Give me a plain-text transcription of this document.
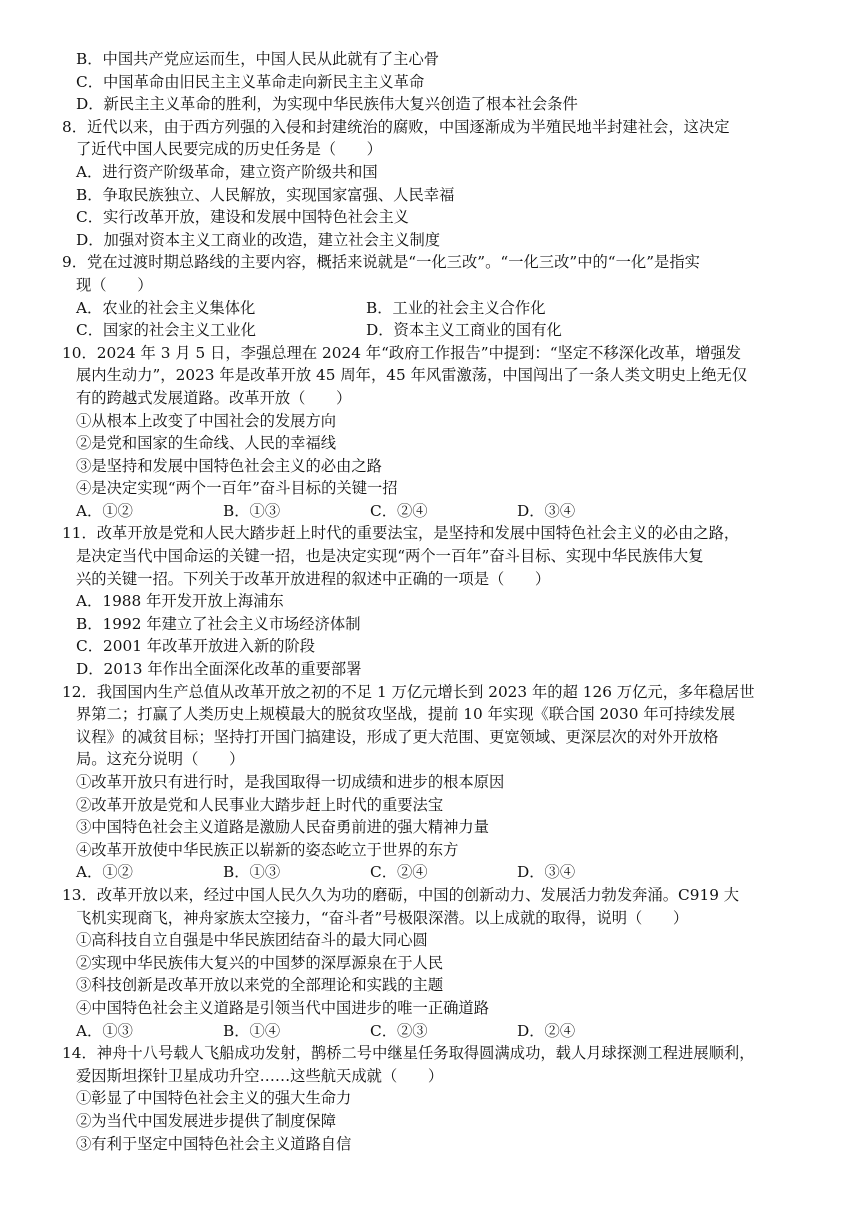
B．中国共产党应运而生，中国人民从此就有了主心骨
C．中国革命由旧民主主义革命走向新民主主义革命
D．新民主主义革命的胜利，为实现中华民族伟大复兴创造了根本社会条件
8．近代以来，由于西方列强的入侵和封建统治的腐败，中国逐渐成为半殖民地半封建社会，这决定
了近代中国人民要完成的历史任务是（　　）
A．进行资产阶级革命，建立资产阶级共和国
B．争取民族独立、人民解放，实现国家富强、人民幸福
C．实行改革开放，建设和发展中国特色社会主义
D．加强对资本主义工商业的改造，建立社会主义制度
9．党在过渡时期总路线的主要内容，概括来说就是“一化三改”。“一化三改”中的“一化”是指实
现（　　）
A．农业的社会主义集体化	B．工业的社会主义合作化
C．国家的社会主义工业化	D．资本主义工商业的国有化
10．2024 年 3 月 5 日，李强总理在 2024 年“政府工作报告”中提到：“坚定不移深化改革，增强发
展内生动力”，2023 年是改革开放 45 周年，45 年风雷激荡，中国闯出了一条人类文明史上绝无仅
有的跨越式发展道路。改革开放（　　）
①从根本上改变了中国社会的发展方向
②是党和国家的生命线、人民的幸福线
③是坚持和发展中国特色社会主义的必由之路
④是决定实现“两个一百年”奋斗目标的关键一招
A．①②	B．①③	C．②④	D．③④
11．改革开放是党和人民大踏步赶上时代的重要法宝，是坚持和发展中国特色社会主义的必由之路，
是决定当代中国命运的关键一招，也是决定实现“两个一百年”奋斗目标、实现中华民族伟大复
兴的关键一招。下列关于改革开放进程的叙述中正确的一项是（　　）
A．1988 年开发开放上海浦东
B．1992 年建立了社会主义市场经济体制
C．2001 年改革开放进入新的阶段
D．2013 年作出全面深化改革的重要部署
12．我国国内生产总值从改革开放之初的不足 1 万亿元增长到 2023 年的超 126 万亿元，多年稳居世
界第二；打赢了人类历史上规模最大的脱贫攻坚战，提前 10 年实现《联合国 2030 年可持续发展
议程》的减贫目标；坚持打开国门搞建设，形成了更大范围、更宽领域、更深层次的对外开放格
局。这充分说明（　　）
①改革开放只有进行时，是我国取得一切成绩和进步的根本原因
②改革开放是党和人民事业大踏步赶上时代的重要法宝
③中国特色社会主义道路是激励人民奋勇前进的强大精神力量
④改革开放使中华民族正以崭新的姿态屹立于世界的东方
A．①②	B．①③	C．②④	D．③④
13．改革开放以来，经过中国人民久久为功的磨砺，中国的创新动力、发展活力勃发奔涌。C919 大
飞机实现商飞，神舟家族太空接力，“奋斗者”号极限深潜。以上成就的取得，说明（　　）
①高科技自立自强是中华民族团结奋斗的最大同心圆
②实现中华民族伟大复兴的中国梦的深厚源泉在于人民
③科技创新是改革开放以来党的全部理论和实践的主题
④中国特色社会主义道路是引领当代中国进步的唯一正确道路
A．①③	B．①④	C．②③	D．②④
14．神舟十八号载人飞船成功发射，鹊桥二号中继星任务取得圆满成功，载人月球探测工程进展顺利，
爱因斯坦探针卫星成功升空……这些航天成就（　　）
①彰显了中国特色社会主义的强大生命力
②为当代中国发展进步提供了制度保障
③有利于坚定中国特色社会主义道路自信
